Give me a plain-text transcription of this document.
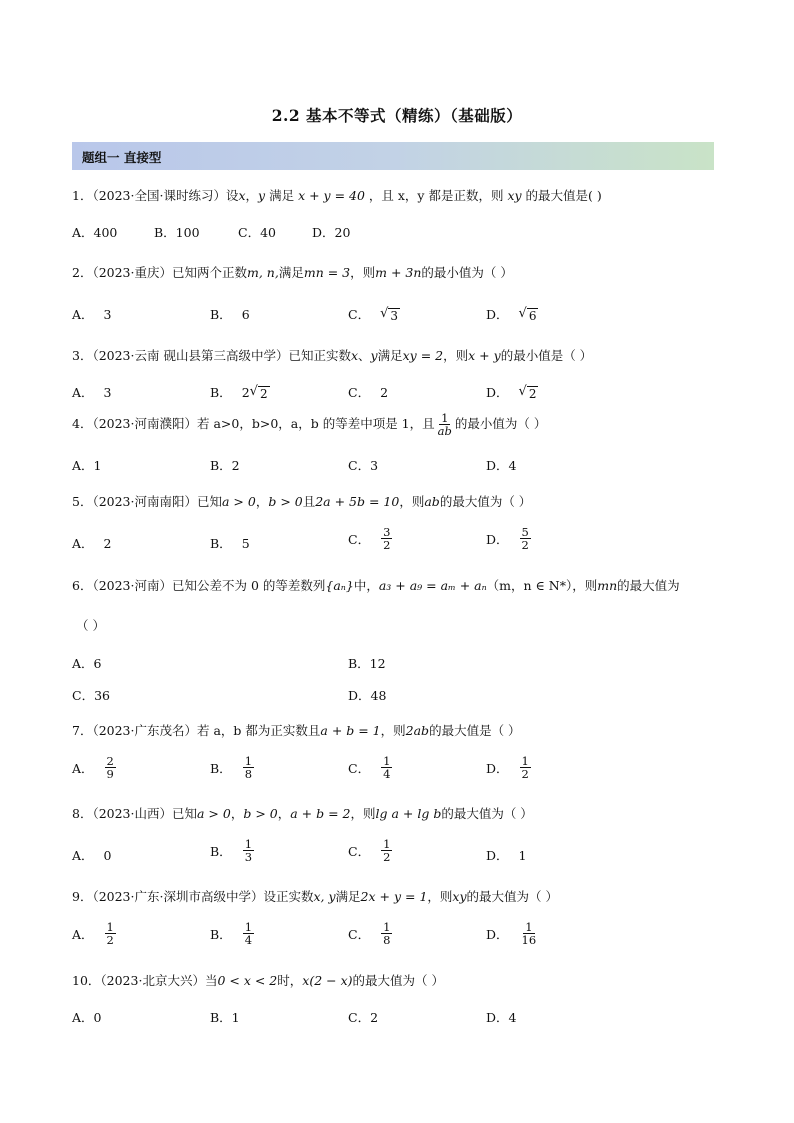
2.2 基本不等式（精练）（基础版）
题组一 直接型
1．（2023·全国·课时练习）设x，y 满足 x + y = 40 ，且 x，y 都是正数，则 xy 的最大值是( )
A．400	B．100	C．40	D．20
2．（2023·重庆）已知两个正数m, n,满足mn = 3，则m + 3n的最小值为（ ）
A． 3	B． 6	C． √ 3	D． √ 6
3．（2023·云南 砚山县第三高级中学）已知正实数x、y满足xy = 2，则x + y的最小值是（ ）
A． 3	B． 2 √ 2	C． 2	D． √ 2
4．（2023·河南濮阳）若 a>0，b>0，a，b 的等差中项是 1，且 $\frac{1}{ab}$ 的最小值为（ ）
A．1	B．2	C．3	D．4
5．（2023·河南南阳）已知a > 0，b > 0且2a + 5b = 10，则ab的最大值为（ ）
A． 2	B． 5	C． $\frac{3}{2}$	D． $\frac{5}{2}$
6．（2023·河南）已知公差不为 0 的等差数列{aₙ}中，a₃ + a₉ = aₘ + aₙ（m，n ∈ N*），则mn的最大值为
（ ）
A．6	B．12
C．36	D．48
7．（2023·广东茂名）若 a，b 都为正实数且a + b = 1，则2ab的最大值是（ ）
A． $\frac{2}{9}$	B． $\frac{1}{8}$	C． $\frac{1}{4}$	D． $\frac{1}{2}$
8．（2023·山西）已知a > 0，b > 0，a + b = 2，则lg a + lg b的最大值为（ ）
A． 0	B． $\frac{1}{3}$	C． $\frac{1}{2}$	D． 1
9．（2023·广东·深圳市高级中学）设正实数x, y满足2x + y = 1，则xy的最大值为（ ）
A． $\frac{1}{2}$	B． $\frac{1}{4}$	C． $\frac{1}{8}$	D． $\frac{1}{16}$
10．（2023·北京大兴）当0 < x < 2时，x(2 − x)的最大值为（ ）
A．0	B．1	C．2	D．4
